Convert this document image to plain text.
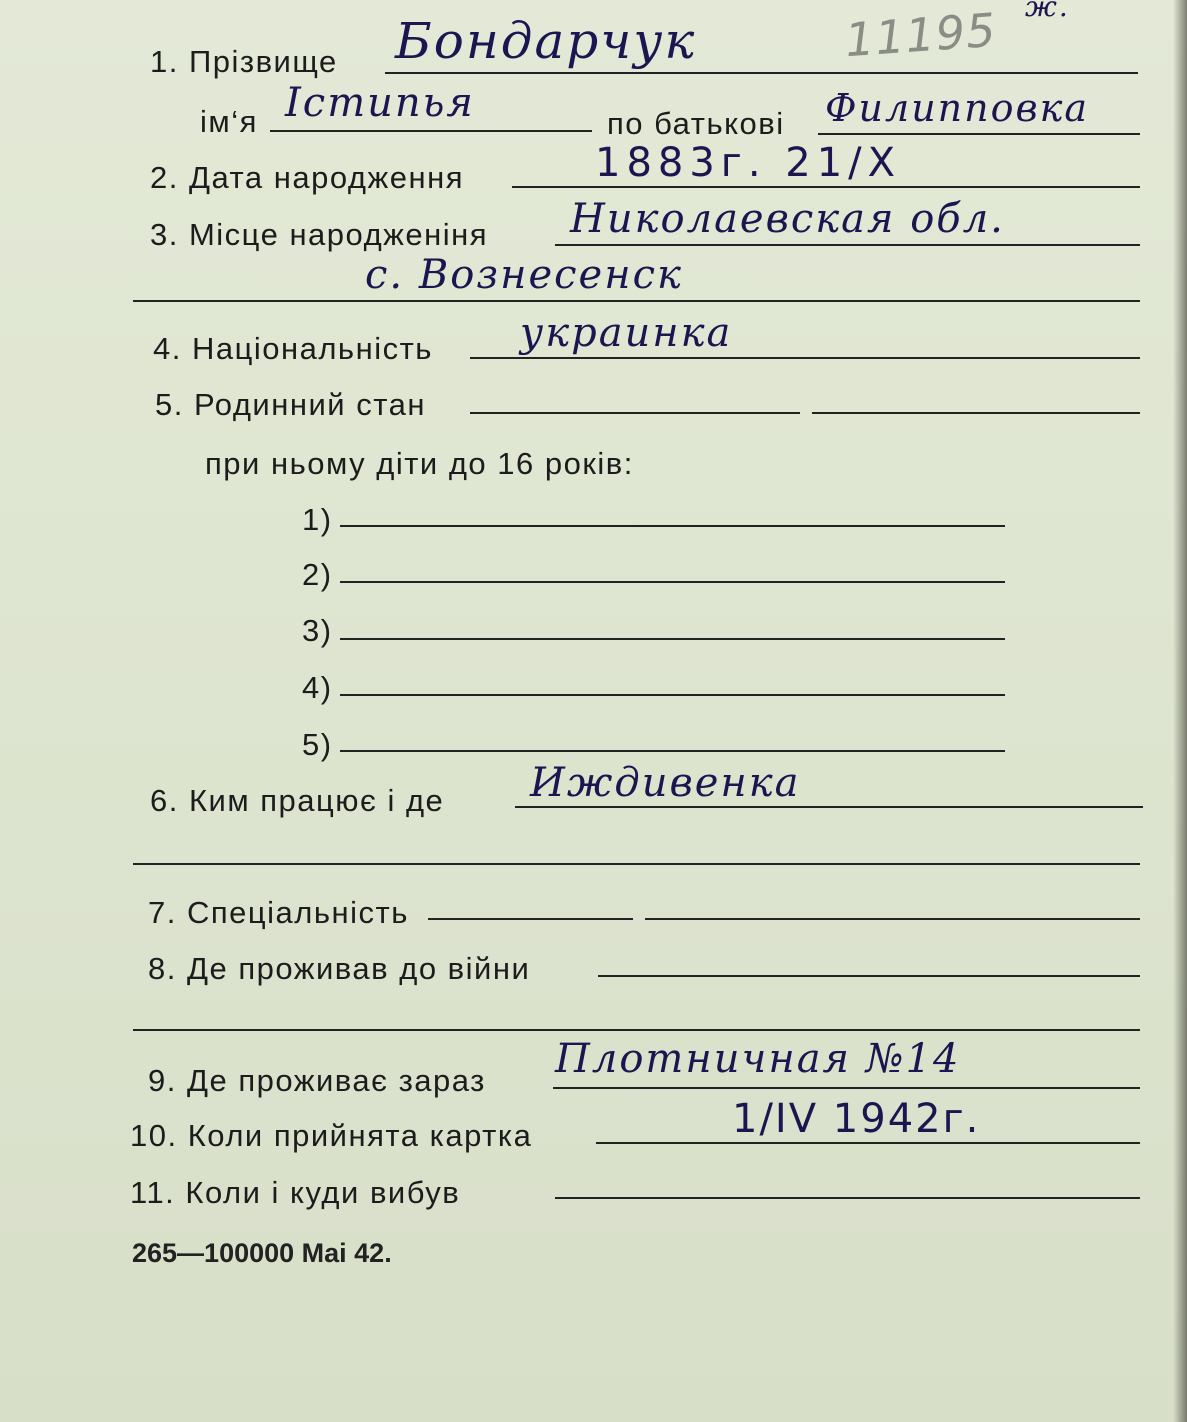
11195 ж.
1. Прізвище Бондарчук
ім‘я Істипья	по батькові Филипповка
2. Дата народження	1883г. 21/X
3. Місце народженіня Николаевская обл.
с. Вознесенск
4. Національність украинка
5. Родинний стан
при ньому діти до 16 років:
1)
2)
3)
4)
5)
6. Ким працює і де Иждивенка
7. Спеціальність
8. Де проживав до війни
9. Де проживає зараз Плотничная №14
10. Коли прийнята картка	1/IV 1942г.
11. Коли і куди вибув
265—100000 Mai 42.
